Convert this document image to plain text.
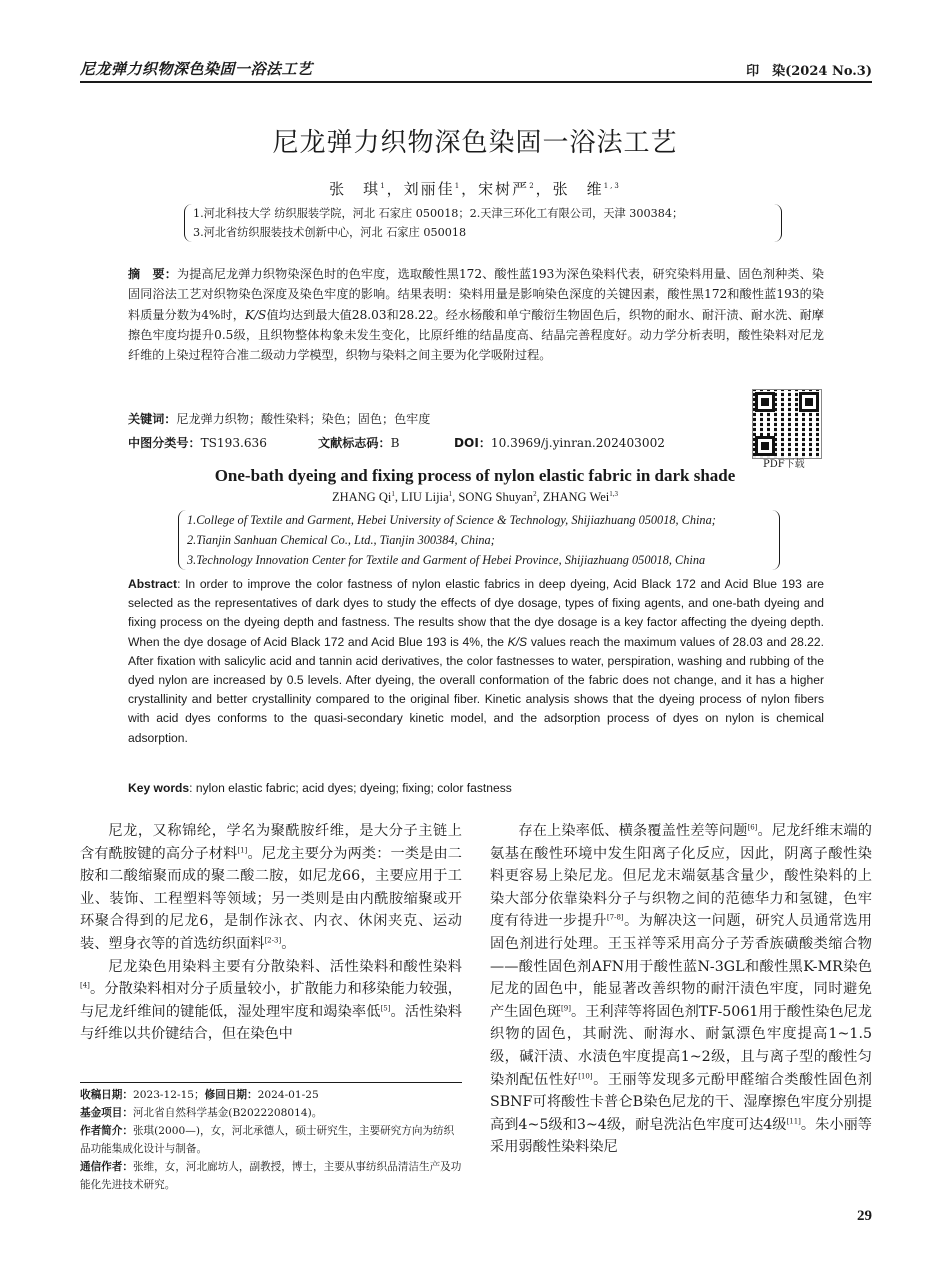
尼龙弹力织物深色染固一浴法工艺	印　染(2024 No.3)
尼龙弹力织物深色染固一浴法工艺
张　琪$^1$，刘丽佳$^1$，宋树严$^2$，张　维$^{1,3}$
1.河北科技大学 纺织服装学院，河北 石家庄 050018；2.天津三环化工有限公司，天津 300384；
3.河北省纺织服装技术创新中心，河北 石家庄 050018
摘　要：为提高尼龙弹力织物染深色时的色牢度，选取酸性黑172、酸性蓝193为深色染料代表，研究染料用量、固色剂种类、染固同浴法工艺对织物染色深度及染色牢度的影响。结果表明：染料用量是影响染色深度的关键因素，酸性黑172和酸性蓝193的染料质量分数为4%时，K/S值均达到最大值28.03和28.22。经水杨酸和单宁酸衍生物固色后，织物的耐水、耐汗渍、耐水洗、耐摩擦色牢度均提升0.5级，且织物整体构象未发生变化，比原纤维的结晶度高、结晶完善程度好。动力学分析表明，酸性染料对尼龙纤维的上染过程符合准二级动力学模型，织物与染料之间主要为化学吸附过程。
关键词：尼龙弹力织物；酸性染料；染色；固色；色牢度
中图分类号：TS193.636	文献标志码：B	DOI：10.3969/j.yinran.202403002
PDF下载
One-bath dyeing and fixing process of nylon elastic fabric in dark shade
ZHANG Qi$^1$, LIU Lijia$^1$, SONG Shuyan$^2$, ZHANG Wei$^{1,3}$
1.College of Textile and Garment, Hebei University of Science & Technology, Shijiazhuang 050018, China;
2.Tianjin Sanhuan Chemical Co., Ltd., Tianjin 300384, China;
3.Technology Innovation Center for Textile and Garment of Hebei Province, Shijiazhuang 050018, China
Abstract: In order to improve the color fastness of nylon elastic fabrics in deep dyeing, Acid Black 172 and Acid Blue 193 are selected as the representatives of dark dyes to study the effects of dye dosage, types of fixing agents, and one-bath dyeing and fixing process on the dyeing depth and fastness. The results show that the dye dosage is a key factor affecting the dyeing depth. When the dye dosage of Acid Black 172 and Acid Blue 193 is 4%, the K/S values reach the maximum values of 28.03 and 28.22. After fixation with salicylic acid and tannin acid derivatives, the color fastnesses to water, perspiration, washing and rubbing of the dyed nylon are increased by 0.5 levels. After dyeing, the overall conformation of the fabric does not change, and it has a higher crystallinity and better crystallinity compared to the original fiber. Kinetic analysis shows that the dyeing process of nylon fibers with acid dyes conforms to the quasi-secondary kinetic model, and the adsorption process of dyes on nylon is chemical adsorption.
Key words: nylon elastic fabric; acid dyes; dyeing; fixing; color fastness

尼龙，又称锦纶，学名为聚酰胺纤维，是大分子主链上含有酰胺键的高分子材料[1]。尼龙主要分为两类：一类是由二胺和二酸缩聚而成的聚二酸二胺，如尼龙66，主要应用于工业、装饰、工程塑料等领域；另一类则是由内酰胺缩聚或开环聚合得到的尼龙6，是制作泳衣、内衣、休闲夹克、运动装、塑身衣等的首选纺织面料[2-3]。

尼龙染色用染料主要有分散染料、活性染料和酸性染料[4]。分散染料相对分子质量较小，扩散能力和移染能力较强，与尼龙纤维间的键能低，湿处理牢度和竭染率低[5]。活性染料与纤维以共价键结合，但在染色中

存在上染率低、横条覆盖性差等问题[6]。尼龙纤维末端的氨基在酸性环境中发生阳离子化反应，因此，阴离子酸性染料更容易上染尼龙。但尼龙末端氨基含量少，酸性染料的上染大部分依靠染料分子与织物之间的范德华力和氢键，色牢度有待进一步提升[7-8]。为解决这一问题，研究人员通常选用固色剂进行处理。王玉祥等采用高分子芳香族磺酸类缩合物——酸性固色剂AFN用于酸性蓝N-3GL和酸性黑K-MR染色尼龙的固色中，能显著改善织物的耐汗渍色牢度，同时避免产生固色斑[9]。王利萍等将固色剂TF-5061用于酸性染色尼龙织物的固色，其耐洗、耐海水、耐氯漂色牢度提高1~1.5级，碱汗渍、水渍色牢度提高1~2级，且与离子型的酸性匀染剂配伍性好[10]。王丽等发现多元酚甲醛缩合类酸性固色剂SBNF可将酸性卡普仑B染色尼龙的干、湿摩擦色牢度分别提高到4~5级和3~4级，耐皂洗沾色牢度可达4级[11]。朱小丽等采用弱酸性染料染尼

收稿日期：2023-12-15；修回日期：2024-01-25
基金项目：河北省自然科学基金(B2022208014)。
作者简介：张琪(2000—)，女，河北承德人，硕士研究生，主要研究方向为纺织品功能集成化设计与制备。
通信作者：张维，女，河北廊坊人，副教授，博士，主要从事纺织品清洁生产及功能化先进技术研究。
29
